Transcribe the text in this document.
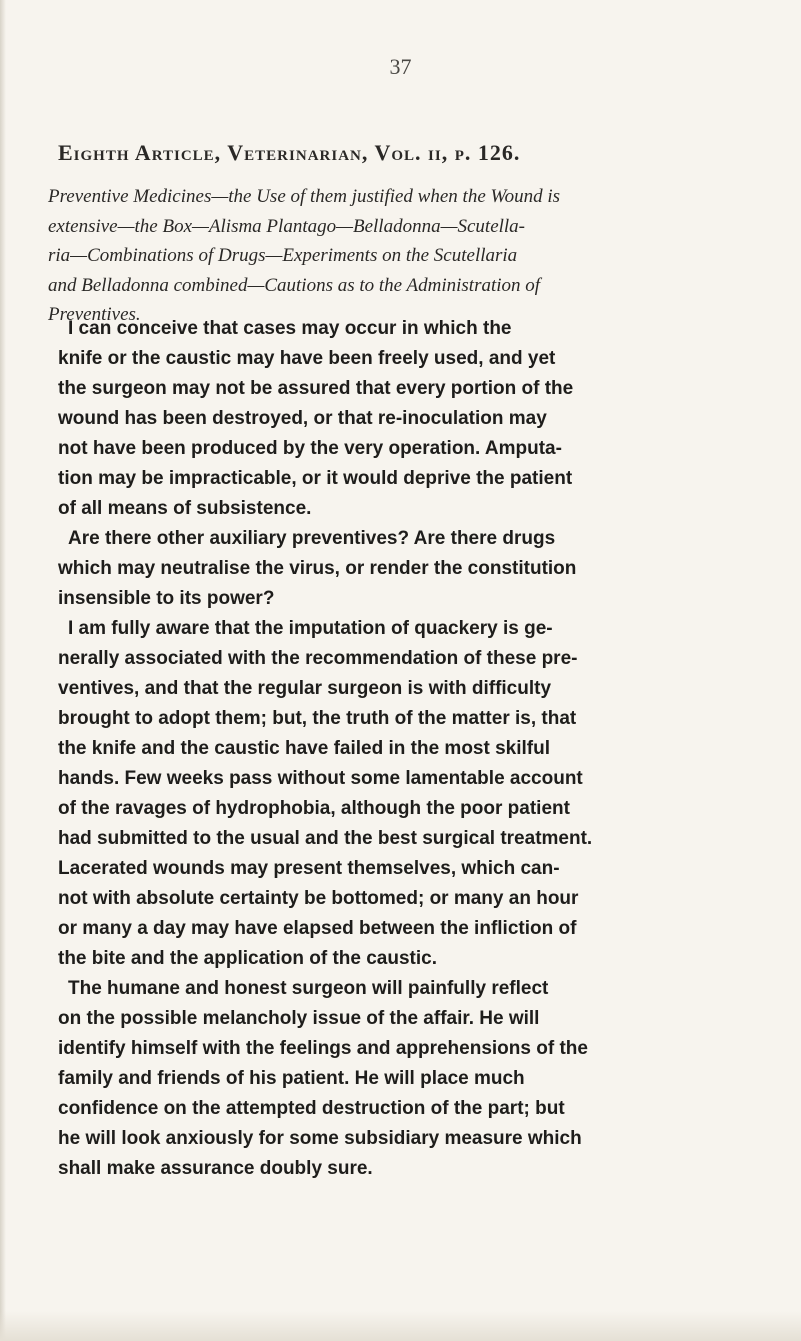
37
Eighth Article, Veterinarian, Vol. ii, p. 126.
Preventive Medicines—the Use of them justified when the Wound is
extensive—the Box—Alisma Plantago—Belladonna—Scutella-
ria—Combinations of Drugs—Experiments on the Scutellaria
and Belladonna combined—Cautions as to the Administration of
Preventives.
I can conceive that cases may occur in which the
knife or the caustic may have been freely used, and yet
the surgeon may not be assured that every portion of the
wound has been destroyed, or that re-inoculation may
not have been produced by the very operation. Amputa-
tion may be impracticable, or it would deprive the patient
of all means of subsistence.
Are there other auxiliary preventives? Are there drugs
which may neutralise the virus, or render the constitution
insensible to its power?
I am fully aware that the imputation of quackery is ge-
nerally associated with the recommendation of these pre-
ventives, and that the regular surgeon is with difficulty
brought to adopt them; but, the truth of the matter is, that
the knife and the caustic have failed in the most skilful
hands. Few weeks pass without some lamentable account
of the ravages of hydrophobia, although the poor patient
had submitted to the usual and the best surgical treatment.
Lacerated wounds may present themselves, which can-
not with absolute certainty be bottomed; or many an hour
or many a day may have elapsed between the infliction of
the bite and the application of the caustic.
The humane and honest surgeon will painfully reflect
on the possible melancholy issue of the affair. He will
identify himself with the feelings and apprehensions of the
family and friends of his patient. He will place much
confidence on the attempted destruction of the part; but
he will look anxiously for some subsidiary measure which
shall make assurance doubly sure.
